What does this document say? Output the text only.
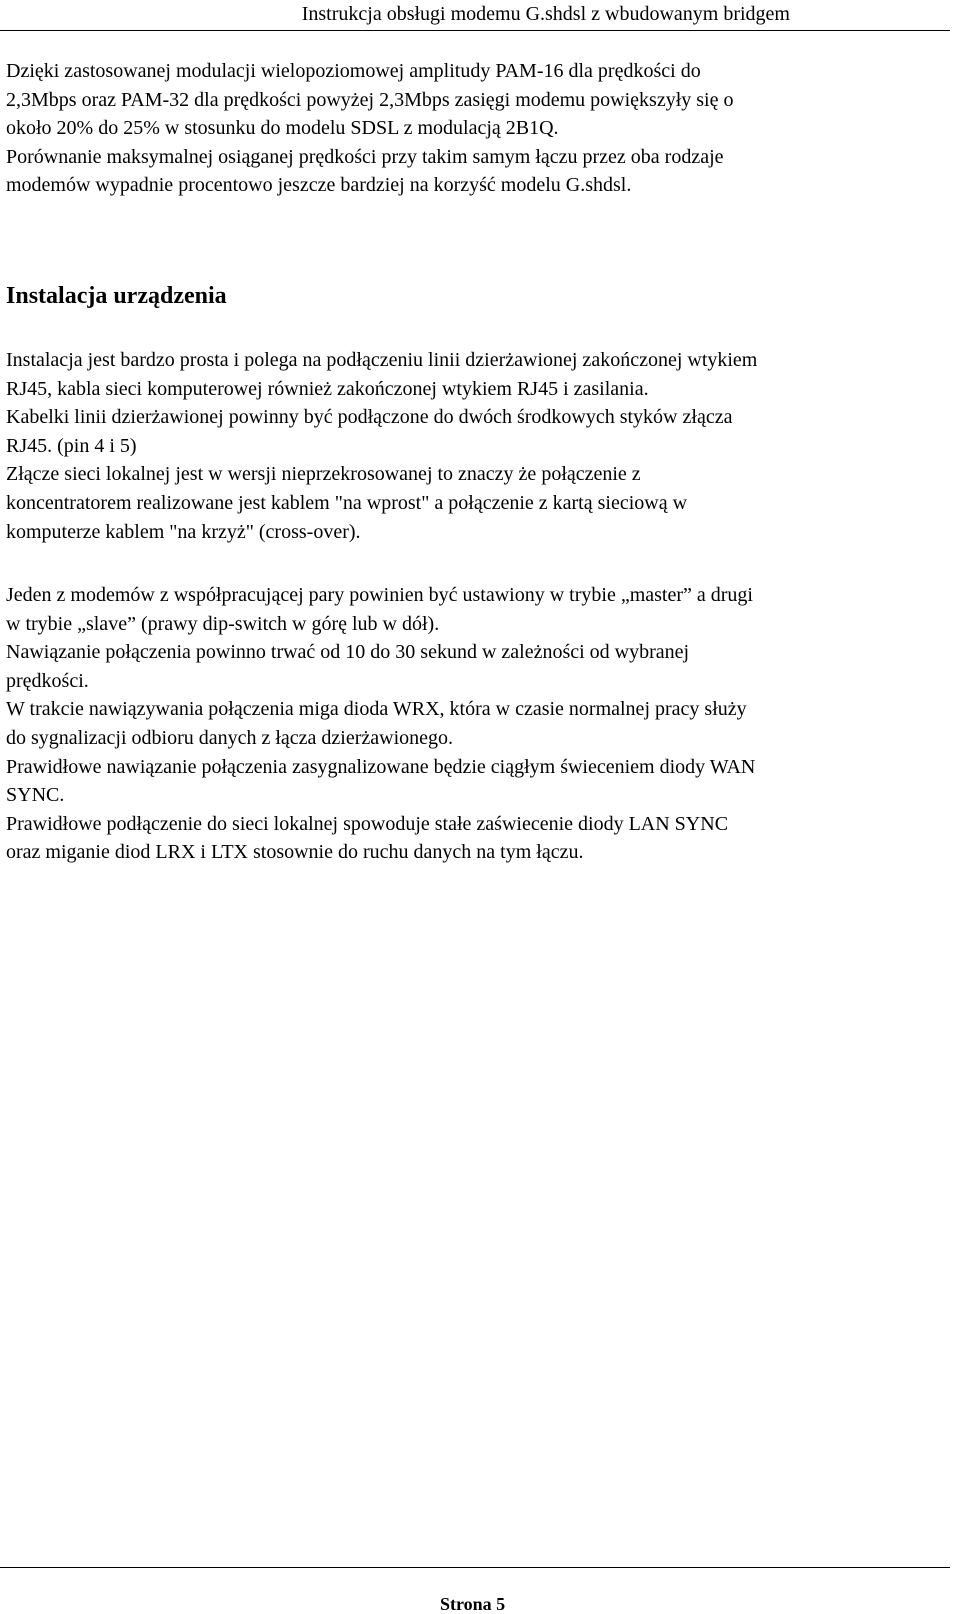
Instrukcja obsługi modemu G.shdsl z wbudowanym bridgem

Dzięki zastosowanej modulacji wielopoziomowej amplitudy PAM-16 dla prędkości do
2,3Mbps oraz PAM-32 dla prędkości powyżej 2,3Mbps zasięgi modemu powiększyły się o
około 20% do 25% w stosunku do modelu SDSL z modulacją 2B1Q.
Porównanie maksymalnej osiąganej prędkości przy takim samym łączu przez oba rodzaje
modemów wypadnie procentowo jeszcze bardziej na korzyść modelu G.shdsl.

Instalacja urządzenia

Instalacja jest bardzo prosta i polega na podłączeniu linii dzierżawionej zakończonej wtykiem
RJ45, kabla sieci komputerowej również zakończonej wtykiem RJ45 i zasilania.
Kabelki linii dzierżawionej powinny być podłączone do dwóch środkowych styków złącza
RJ45. (pin 4 i 5)
Złącze sieci lokalnej jest w wersji nieprzekrosowanej to znaczy że połączenie z
koncentratorem realizowane jest kablem "na wprost" a połączenie z kartą sieciową w
komputerze kablem "na krzyż" (cross-over).

Jeden z modemów z współpracującej pary powinien być ustawiony w trybie „master” a drugi
w trybie „slave” (prawy dip-switch w górę lub w dół).
Nawiązanie połączenia powinno trwać od 10 do 30 sekund w zależności od wybranej
prędkości.
W trakcie nawiązywania połączenia miga dioda WRX, która w czasie normalnej pracy służy
do sygnalizacji odbioru danych z łącza dzierżawionego.
Prawidłowe nawiązanie połączenia zasygnalizowane będzie ciągłym świeceniem diody WAN
SYNC.
Prawidłowe podłączenie do sieci lokalnej spowoduje stałe zaświecenie diody LAN SYNC
oraz miganie diod LRX i LTX stosownie do ruchu danych na tym łączu.

Strona 5
